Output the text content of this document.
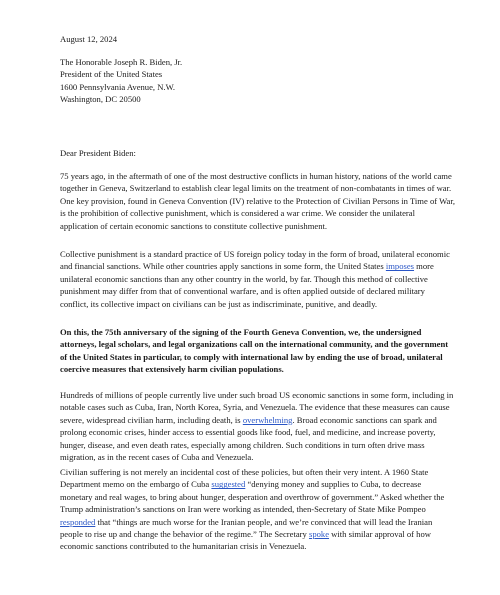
August 12, 2024

The Honorable Joseph R. Biden, Jr.

President of the United States

1600 Pennsylvania Avenue, N.W.

Washington, DC 20500

Dear President Biden:

75 years ago, in the aftermath of one of the most destructive conflicts in human history, nations of the world came together in Geneva, Switzerland to establish clear legal limits on the treatment of non-combatants in times of war. One key provision, found in Geneva Convention (IV) relative to the Protection of Civilian Persons in Time of War, is the prohibition of collective punishment, which is considered a war crime. We consider the unilateral application of certain economic sanctions to constitute collective punishment.

Collective punishment is a standard practice of US foreign policy today in the form of broad, unilateral economic and financial sanctions. While other countries apply sanctions in some form, the United States imposes more unilateral economic sanctions than any other country in the world, by far. Though this method of collective punishment may differ from that of conventional warfare, and is often applied outside of declared military conflict, its collective impact on civilians can be just as indiscriminate, punitive, and deadly.

On this, the 75th anniversary of the signing of the Fourth Geneva Convention, we, the undersigned attorneys, legal scholars, and legal organizations call on the international community, and the government of the United States in particular, to comply with international law by ending the use of broad, unilateral coercive measures that extensively harm civilian populations.

Hundreds of millions of people currently live under such broad US economic sanctions in some form, including in notable cases such as Cuba, Iran, North Korea, Syria, and Venezuela. The evidence that these measures can cause severe, widespread civilian harm, including death, is overwhelming. Broad economic sanctions can spark and prolong economic crises, hinder access to essential goods like food, fuel, and medicine, and increase poverty, hunger, disease, and even death rates, especially among children. Such conditions in turn often drive mass migration, as in the recent cases of Cuba and Venezuela.

Civilian suffering is not merely an incidental cost of these policies, but often their very intent. A 1960 State Department memo on the embargo of Cuba suggested “denying money and supplies to Cuba, to decrease monetary and real wages, to bring about hunger, desperation and overthrow of government.” Asked whether the Trump administration’s sanctions on Iran were working as intended, then-Secretary of State Mike Pompeo responded that “things are much worse for the Iranian people, and we’re convinced that will lead the Iranian people to rise up and change the behavior of the regime.” The Secretary spoke with similar approval of how economic sanctions contributed to the humanitarian crisis in Venezuela.
